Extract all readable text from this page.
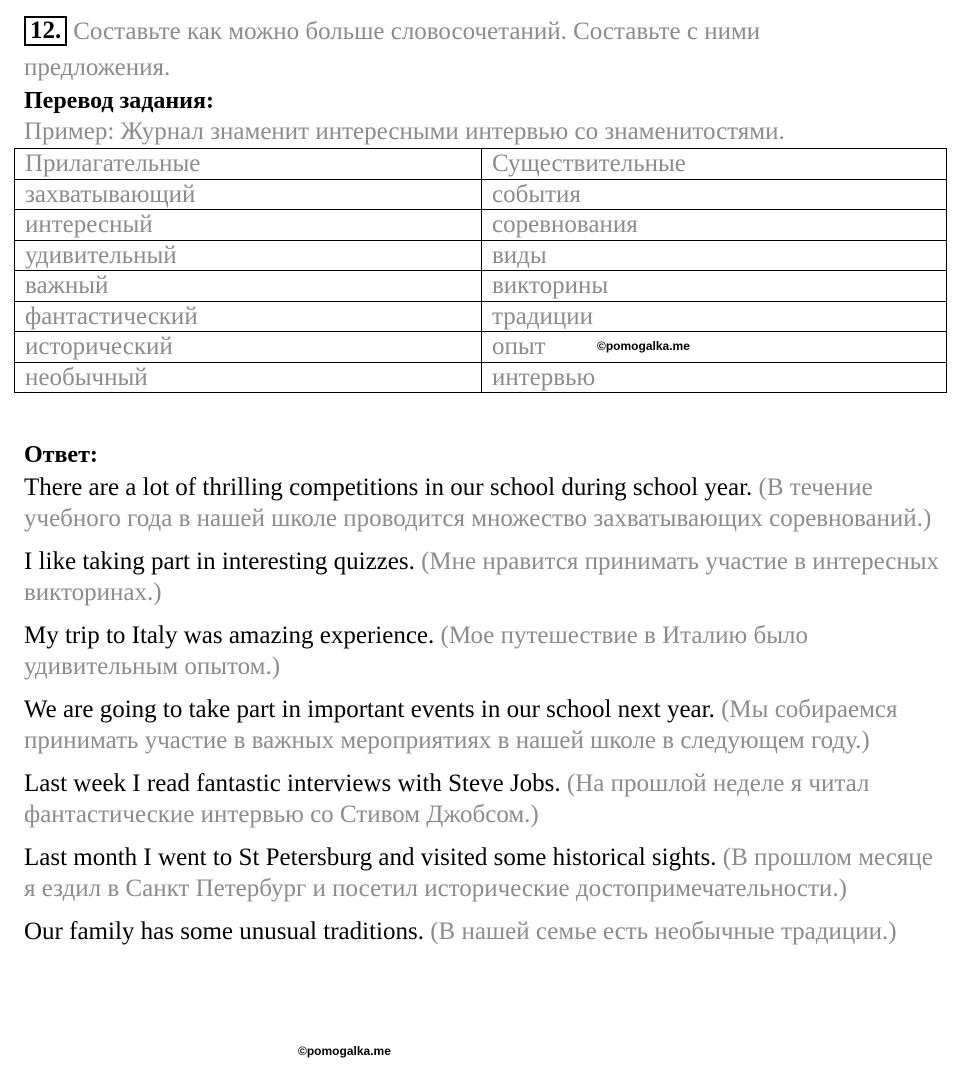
12. Составьте как можно больше словосочетаний. Составьте с ними

предложения.

Перевод задания:

Пример: Журнал знаменит интересными интервью со знаменитостями.

Прилагательные	Существительные
захватывающий	события
интересный	соревнования
удивительный	виды
важный	викторины
фантастический	традиции
исторический	опыт
необычный	интервью
©pomogalka.me

Ответ:

There are a lot of thrilling competitions in our school during school year. (В течение учебного года в нашей школе проводится множество захватывающих соревнований.)

I like taking part in interesting quizzes. (Мне нравится принимать участие в интересных викторинах.)

My trip to Italy was amazing experience. (Мое путешествие в Италию было удивительным опытом.)

We are going to take part in important events in our school next year. (Мы собираемся принимать участие в важных мероприятиях в нашей школе в следующем году.)

Last week I read fantastic interviews with Steve Jobs. (На прошлой неделе я читал фантастические интервью со Стивом Джобсом.)

Last month I went to St Petersburg and visited some historical sights. (В прошлом месяце я ездил в Санкт Петербург и посетил исторические достопримечательности.)

Our family has some unusual traditions. (В нашей семье есть необычные традиции.)

©pomogalka.me
